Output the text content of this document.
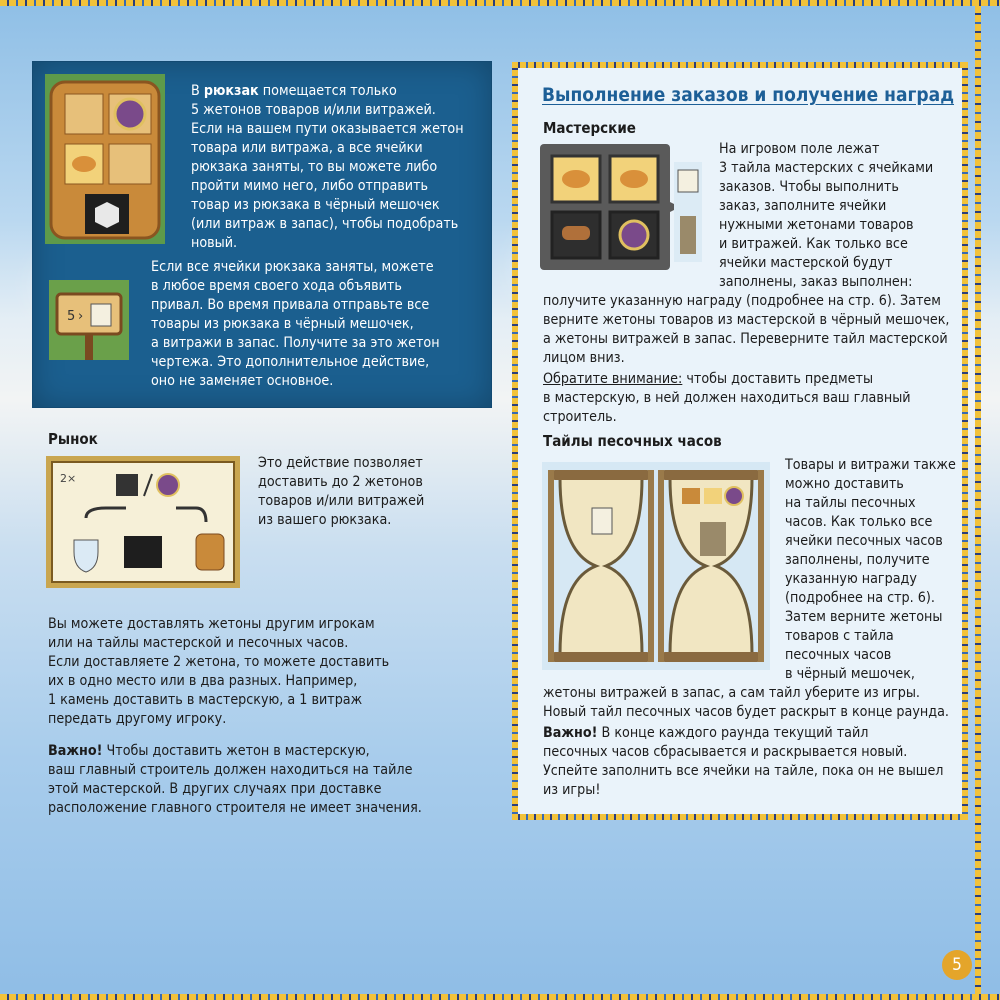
В рюкзак помещается только
5 жетонов товаров и/или витражей.
Если на вашем пути оказывается жетон
товара или витража, а все ячейки
рюкзака заняты, то вы можете либо
пройти мимо него, либо отправить
товар из рюкзака в чёрный мешочек
(или витраж в запас), чтобы подобрать
новый.

5 ›

Если все ячейки рюкзака заняты, можете
в любое время своего хода объявить
привал. Во время привала отправьте все
товары из рюкзака в чёрный мешочек,
а витражи в запас. Получите за это жетон
чертежа. Это дополнительное действие,
оно не заменяет основное.

Рынок
2×

Это действие позволяет
доставить до 2 жетонов
товаров и/или витражей
из вашего рюкзака.

Вы можете доставлять жетоны другим игрокам
или на тайлы мастерской и песочных часов.
Если доставляете 2 жетона, то можете доставить
их в одно место или в два разных. Например,
1 камень доставить в мастерскую, а 1 витраж
передать другому игроку.

Важно! Чтобы доставить жетон в мастерскую,
ваш главный строитель должен находиться на тайле
этой мастерской. В других случаях при доставке
расположение главного строителя не имеет значения.

Выполнение заказов и получение наград
Мастерские

На игровом поле лежат
3 тайла мастерских с ячейками
заказов. Чтобы выполнить
заказ, заполните ячейки
нужными жетонами товаров
и витражей. Как только все
ячейки мастерской будут
заполнены, заказ выполнен:

получите указанную награду (подробнее на стр. 6). Затем
верните жетоны товаров из мастерской в чёрный мешочек,
а жетоны витражей в запас. Переверните тайл мастерской
лицом вниз.

Обратите внимание: чтобы доставить предметы
в мастерскую, в ней должен находиться ваш главный
строитель.

Тайлы песочных часов

Товары и витражи также
можно доставить
на тайлы песочных
часов. Как только все
ячейки песочных часов
заполнены, получите
указанную награду
(подробнее на стр. 6).
Затем верните жетоны
товаров с тайла
песочных часов
в чёрный мешочек,

жетоны витражей в запас, а сам тайл уберите из игры.
Новый тайл песочных часов будет раскрыт в конце раунда.

Важно! В конце каждого раунда текущий тайл
песочных часов сбрасывается и раскрывается новый.
Успейте заполнить все ячейки на тайле, пока он не вышел
из игры!

5
